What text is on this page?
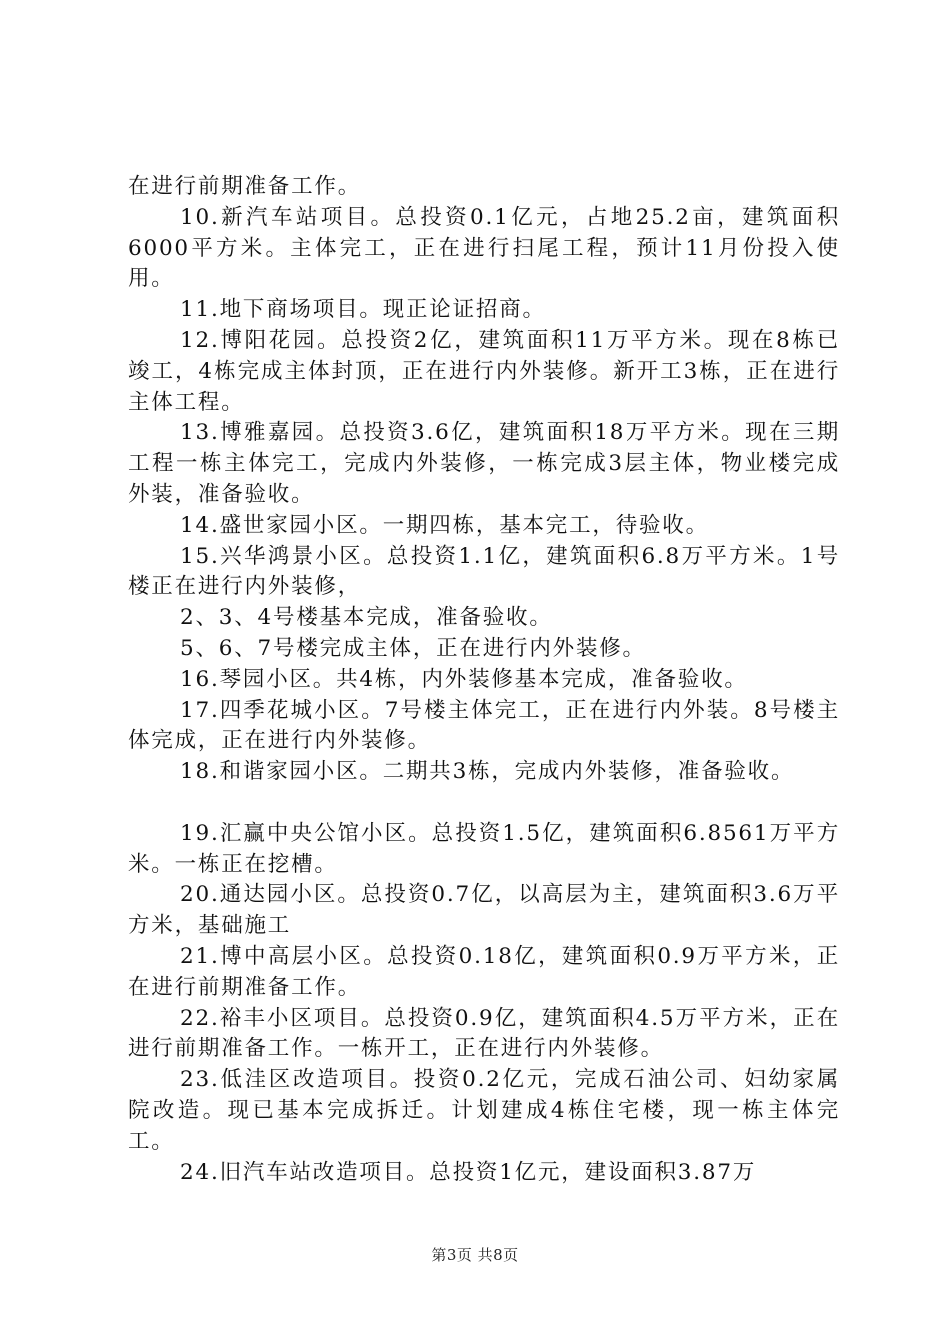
在进行前期准备工作。

10.新汽车站项目。总投资0.1亿元，占地25.2亩，建筑面积6000平方米。主体完工，正在进行扫尾工程，预计11月份投入使用。

11.地下商场项目。现正论证招商。

12.博阳花园。总投资2亿，建筑面积11万平方米。现在8栋已竣工，4栋完成主体封顶，正在进行内外装修。新开工3栋，正在进行主体工程。

13.博雅嘉园。总投资3.6亿，建筑面积18万平方米。现在三期工程一栋主体完工，完成内外装修，一栋完成3层主体，物业楼完成外装，准备验收。

14.盛世家园小区。一期四栋，基本完工，待验收。

15.兴华鸿景小区。总投资1.1亿，建筑面积6.8万平方米。1号楼正在进行内外装修，

2、3、4号楼基本完成，准备验收。

5、6、7号楼完成主体，正在进行内外装修。

16.琴园小区。共4栋，内外装修基本完成，准备验收。

17.四季花城小区。7号楼主体完工，正在进行内外装。8号楼主体完成，正在进行内外装修。

18.和谐家园小区。二期共3栋，完成内外装修，准备验收。

19.汇赢中央公馆小区。总投资1.5亿，建筑面积6.8561万平方米。一栋正在挖槽。

20.通达园小区。总投资0.7亿，以高层为主，建筑面积3.6万平方米，基础施工

21.博中高层小区。总投资0.18亿，建筑面积0.9万平方米，正在进行前期准备工作。

22.裕丰小区项目。总投资0.9亿，建筑面积4.5万平方米，正在进行前期准备工作。一栋开工，正在进行内外装修。

23.低洼区改造项目。投资0.2亿元，完成石油公司、妇幼家属院改造。现已基本完成拆迁。计划建成4栋住宅楼，现一栋主体完工。

24.旧汽车站改造项目。总投资1亿元，建设面积3.87万

第3页 共8页
